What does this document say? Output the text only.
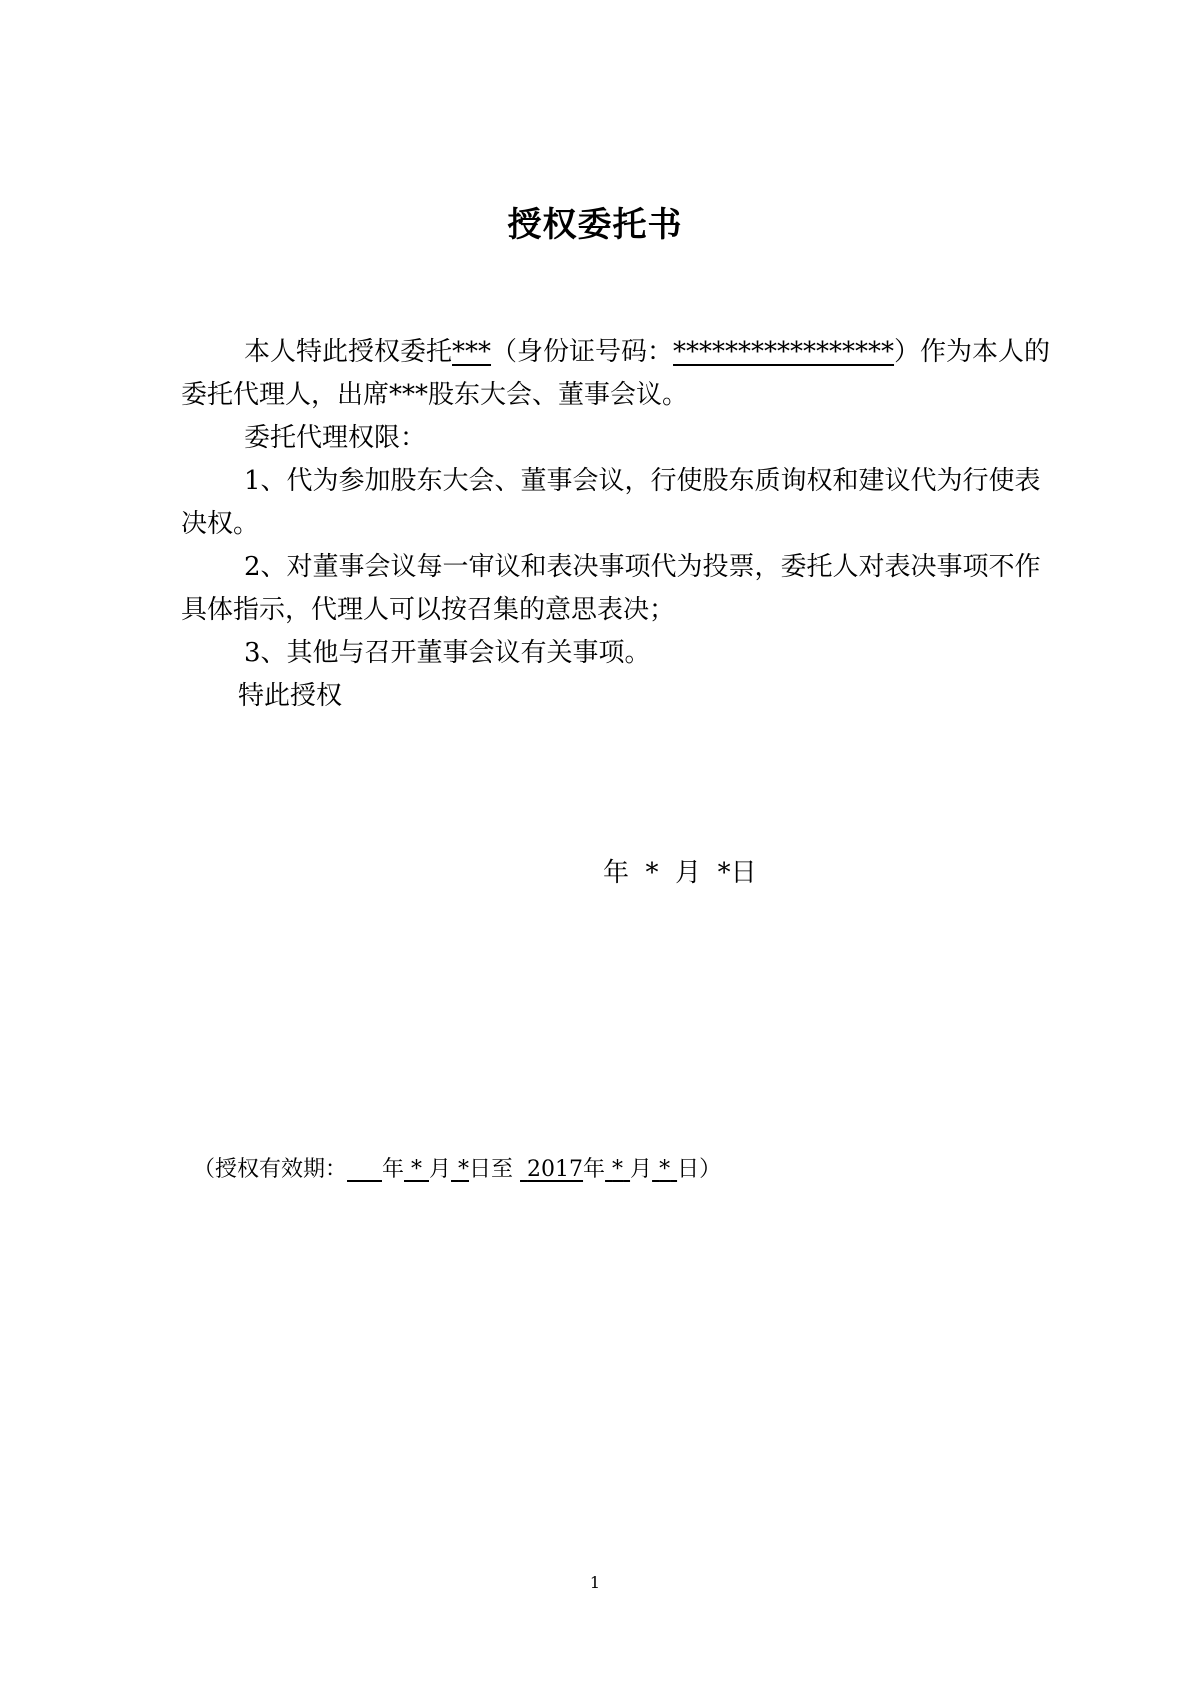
授权委托书

本人特此授权委托***（身份证号码：*****************）作为本人的委托代理人，出席***股东大会、董事会议。

委托代理权限：

1、代为参加股东大会、董事会议，行使股东质询权和建议代为行使表决权。

2、对董事会议每一审议和表决事项代为投票，委托人对表决事项不作具体指示，代理人可以按召集的意思表决；

3、其他与召开董事会议有关事项。

特此授权

年 * 月 *日
（授权有效期： 年 * 月 *日至 2017年 * 月 * 日）
1
